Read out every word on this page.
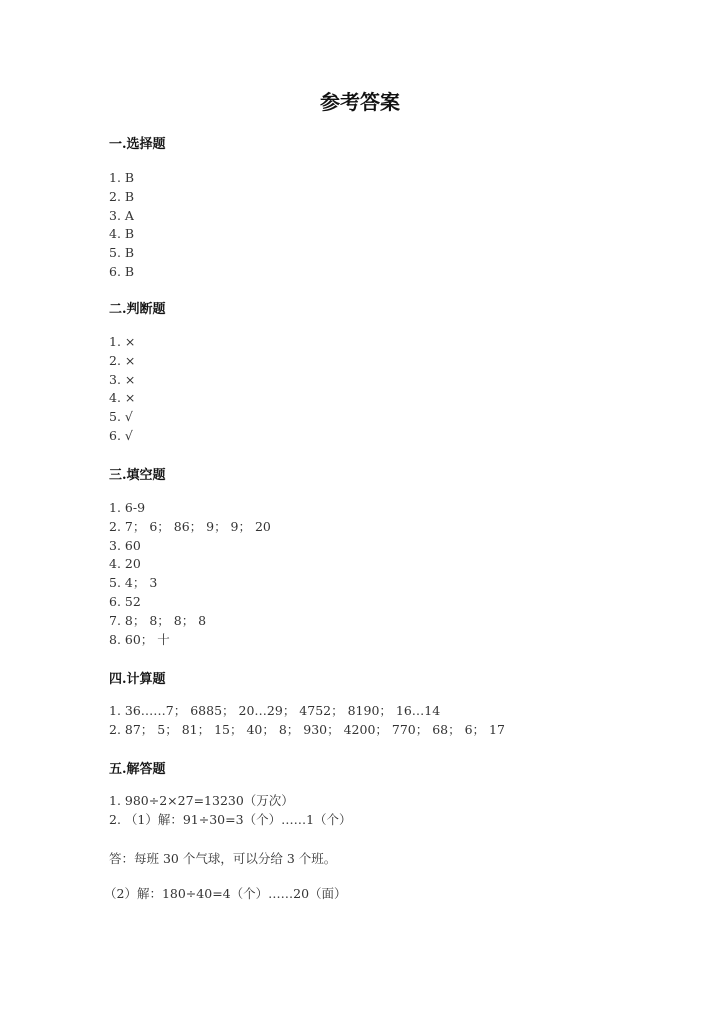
参考答案
一.选择题
1. B
2. B
3. A
4. B
5. B
6. B
二.判断题
1. ×
2. ×
3. ×
4. ×
5. √
6. √
三.填空题
1. 6-9
2. 7； 6； 86； 9； 9； 20
3. 60
4. 20
5. 4； 3
6. 52
7. 8； 8； 8； 8
8. 60； 十
四.计算题
1. 36……7； 6885； 20…29； 4752； 8190； 16…14
2. 87； 5； 81； 15； 40； 8； 930； 4200； 770； 68； 6； 17
五.解答题
1. 980÷2×27=13230（万次）
2. （1）解：91÷30=3（个）……1（个）
答：每班 30 个气球，可以分给 3 个班。
（2）解：180÷40=4（个）……20（面）
